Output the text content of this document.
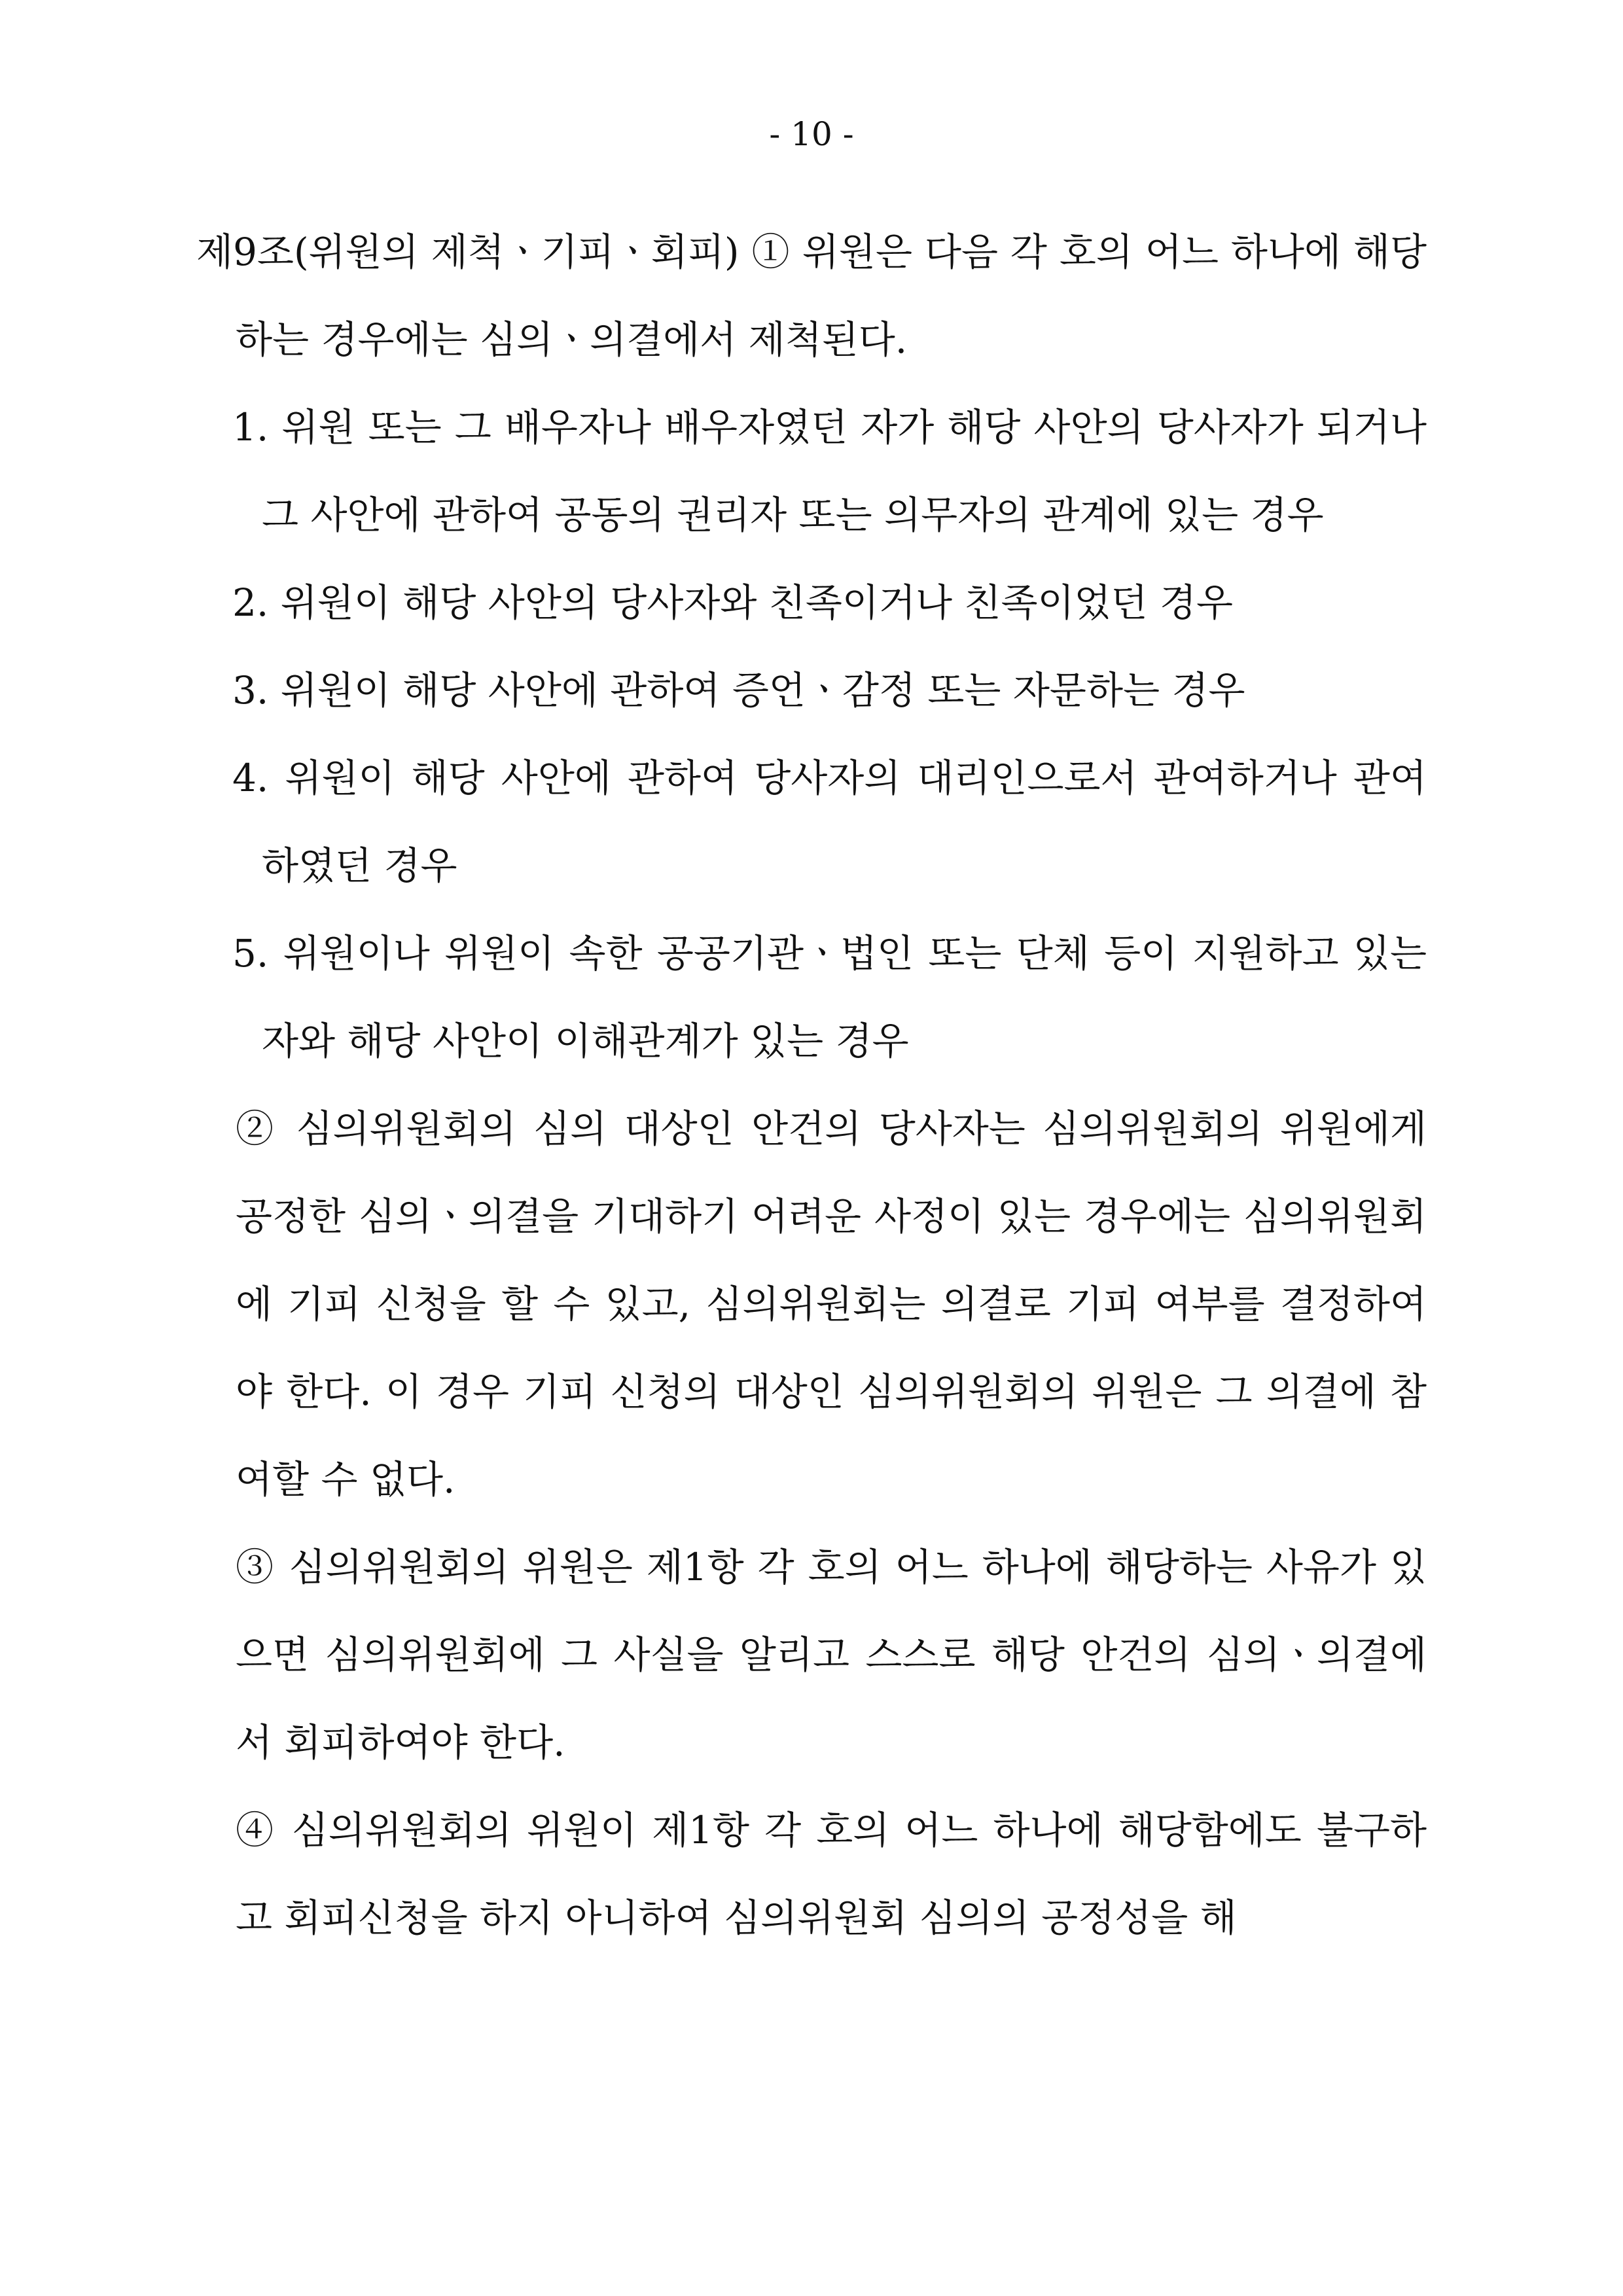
- 10 -

제9조(위원의 제척ㆍ기피ㆍ회피) ① 위원은 다음 각 호의 어느 하나에 해당하는 경우에는 심의ㆍ의결에서 제척된다.

1. 위원 또는 그 배우자나 배우자였던 자가 해당 사안의 당사자가 되거나 그 사안에 관하여 공동의 권리자 또는 의무자의 관계에 있는 경우

2. 위원이 해당 사안의 당사자와 친족이거나 친족이었던 경우

3. 위원이 해당 사안에 관하여 증언ㆍ감정 또는 자문하는 경우

4. 위원이 해당 사안에 관하여 당사자의 대리인으로서 관여하거나 관여하였던 경우

5. 위원이나 위원이 속한 공공기관ㆍ법인 또는 단체 등이 지원하고 있는 자와 해당 사안이 이해관계가 있는 경우

② 심의위원회의 심의 대상인 안건의 당사자는 심의위원회의 위원에게 공정한 심의ㆍ의결을 기대하기 어려운 사정이 있는 경우에는 심의위원회에 기피 신청을 할 수 있고, 심의위원회는 의결로 기피 여부를 결정하여야 한다. 이 경우 기피 신청의 대상인 심의위원회의 위원은 그 의결에 참여할 수 없다.

③ 심의위원회의 위원은 제1항 각 호의 어느 하나에 해당하는 사유가 있으면 심의위원회에 그 사실을 알리고 스스로 해당 안건의 심의ㆍ의결에서 회피하여야 한다.

④ 심의위원회의 위원이 제1항 각 호의 어느 하나에 해당함에도 불구하고 회피신청을 하지 아니하여 심의위원회 심의의 공정성을 해
